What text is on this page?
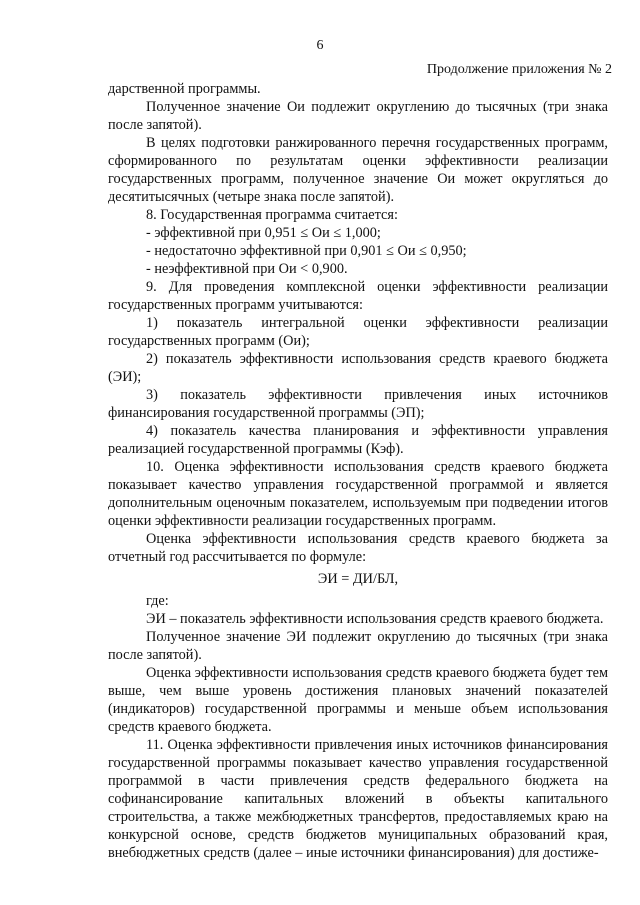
6
Продолжение приложения № 2

дарственной программы.

Полученное значение Ои подлежит округлению до тысячных (три знака после запятой).

В целях подготовки ранжированного перечня государственных программ, сформированного по результатам оценки эффективности реализации государственных программ, полученное значение Ои может округляться до десятитысячных (четыре знака после запятой).

8. Государственная программа считается:

- эффективной при 0,951 ≤ Ои ≤ 1,000;

- недостаточно эффективной при 0,901 ≤ Ои ≤ 0,950;

- неэффективной при Ои < 0,900.

9. Для проведения комплексной оценки эффективности реализации государственных программ учитываются:

1) показатель интегральной оценки эффективности реализации государственных программ (Ои);

2) показатель эффективности использования средств краевого бюджета (ЭИ);

3) показатель эффективности привлечения иных источников финансирования государственной программы (ЭП);

4) показатель качества планирования и эффективности управления реализацией государственной программы (Кэф).

10. Оценка эффективности использования средств краевого бюджета показывает качество управления государственной программой и является дополнительным оценочным показателем, используемым при подведении итогов оценки эффективности реализации государственных программ.

Оценка эффективности использования средств краевого бюджета за отчетный год рассчитывается по формуле:

ЭИ = ДИ/БЛ,

где:

ЭИ – показатель эффективности использования средств краевого бюджета.

Полученное значение ЭИ подлежит округлению до тысячных (три знака после запятой).

Оценка эффективности использования средств краевого бюджета будет тем выше, чем выше уровень достижения плановых значений показателей (индикаторов) государственной программы и меньше объем использования средств краевого бюджета.

11. Оценка эффективности привлечения иных источников финансирования государственной программы показывает качество управления государственной программой в части привлечения средств федерального бюджета на софинансирование капитальных вложений в объекты капитального строительства, а также межбюджетных трансфертов, предоставляемых краю на конкурсной основе, средств бюджетов муниципальных образований края, внебюджетных средств (далее – иные источники финансирования) для достиже-
